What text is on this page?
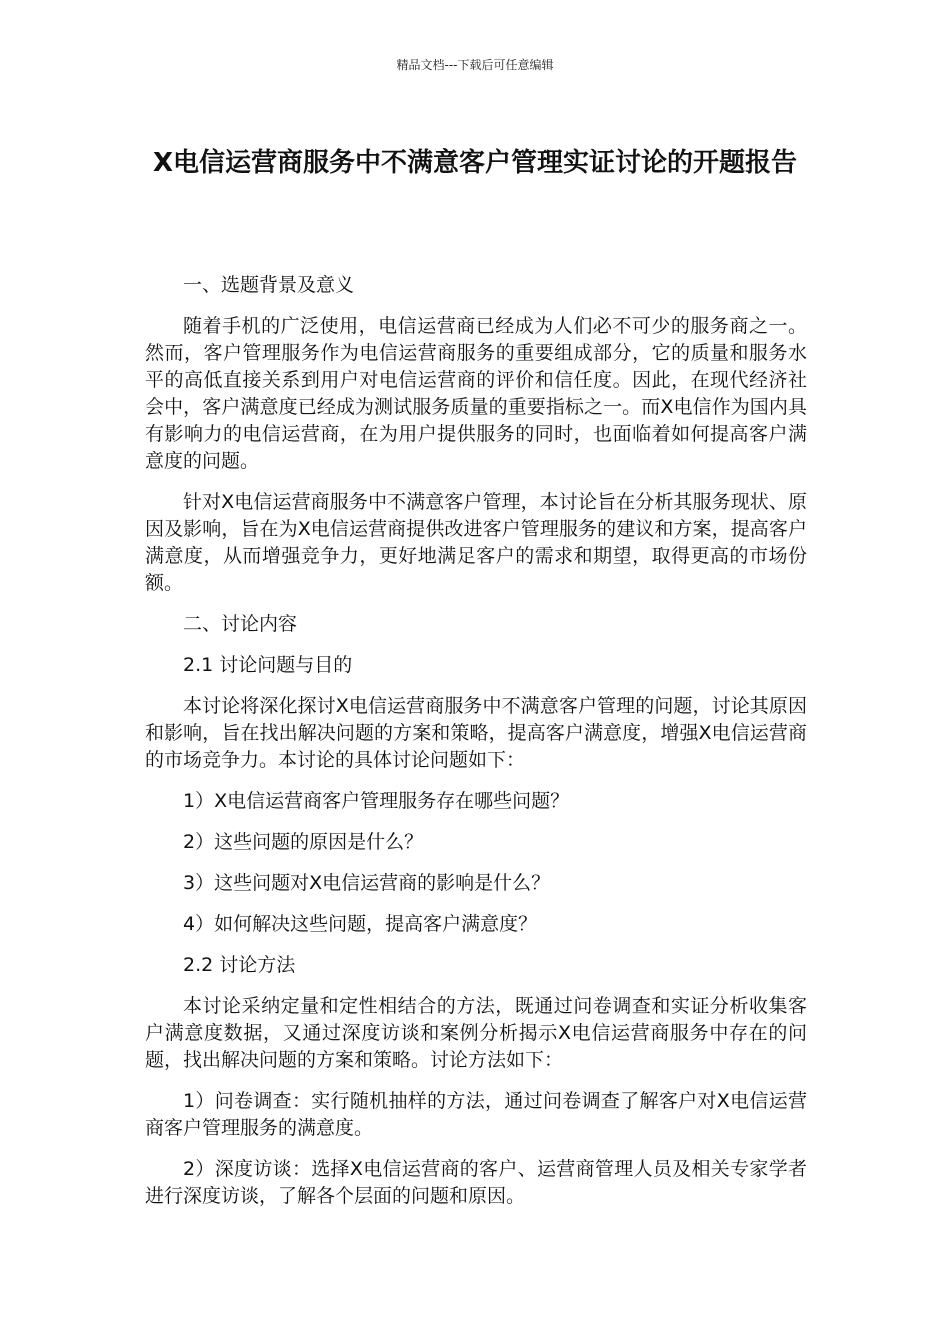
精品文档---下载后可任意编辑
X电信运营商服务中不满意客户管理实证讨论的开题报告

一、选题背景及意义

随着手机的广泛使用，电信运营商已经成为人们必不可少的服务商之一。然而，客户管理服务作为电信运营商服务的重要组成部分，它的质量和服务水平的高低直接关系到用户对电信运营商的评价和信任度。因此，在现代经济社会中，客户满意度已经成为测试服务质量的重要指标之一。而X电信作为国内具有影响力的电信运营商，在为用户提供服务的同时，也面临着如何提高客户满意度的问题。

针对X电信运营商服务中不满意客户管理，本讨论旨在分析其服务现状、原因及影响，旨在为X电信运营商提供改进客户管理服务的建议和方案，提高客户满意度，从而增强竞争力，更好地满足客户的需求和期望，取得更高的市场份额。

二、讨论内容

2.1 讨论问题与目的

本讨论将深化探讨X电信运营商服务中不满意客户管理的问题，讨论其原因和影响，旨在找出解决问题的方案和策略，提高客户满意度，增强X电信运营商的市场竞争力。本讨论的具体讨论问题如下：

1）X电信运营商客户管理服务存在哪些问题？

2）这些问题的原因是什么？

3）这些问题对X电信运营商的影响是什么？

4）如何解决这些问题，提高客户满意度？

2.2 讨论方法

本讨论采纳定量和定性相结合的方法，既通过问卷调查和实证分析收集客户满意度数据，又通过深度访谈和案例分析揭示X电信运营商服务中存在的问题，找出解决问题的方案和策略。讨论方法如下：

1）问卷调查：实行随机抽样的方法，通过问卷调查了解客户对X电信运营商客户管理服务的满意度。

2）深度访谈：选择X电信运营商的客户、运营商管理人员及相关专家学者进行深度访谈，了解各个层面的问题和原因。
